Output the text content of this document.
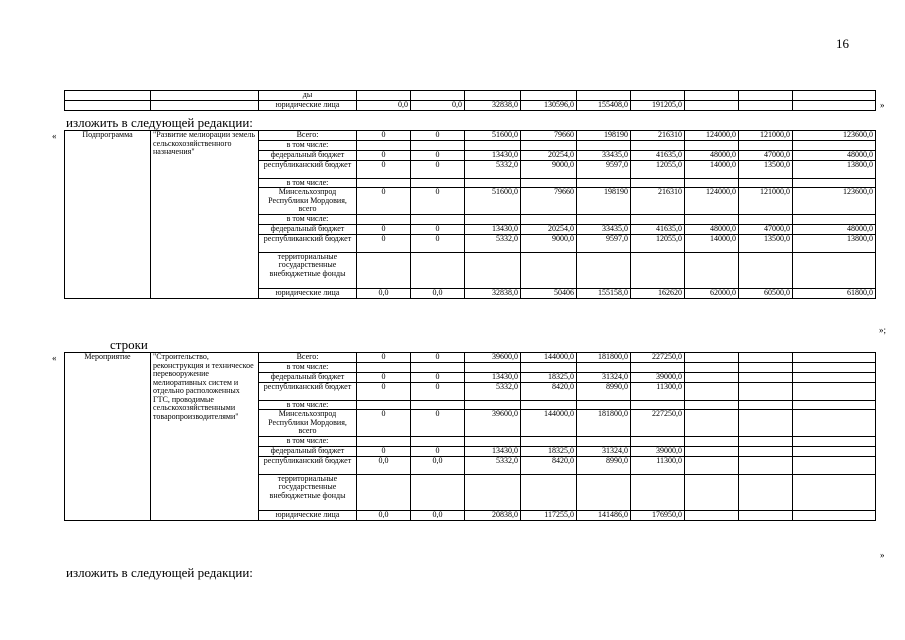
16
		ды									
		юридические лица	0,0	0,0	32838,0	130596,0	155408,0	191205,0				»
изложить в следующей редакции:
«	Подпрограмма	"Развитие мелиорации земель сельскохозяйственного назначения"	Всего:	0	0	51600,0	79660	198190	216310	124000,0	121000,0	123600,0
		в том числе:									
		федеральный бюджет	0	0	13430,0	20254,0	33435,0	41635,0	48000,0	47000,0	48000,0
		республиканский бюджет	0	0	5332,0	9000,0	9597,0	12055,0	14000,0	13500,0	13800,0
		в том числе:									
		Минсельхозпрод Республики Мордовия, всего	0	0	51600,0	79660	198190	216310	124000,0	121000,0	123600,0
		в том числе:									
		федеральный бюджет	0	0	13430,0	20254,0	33435,0	41635,0	48000,0	47000,0	48000,0
		республиканский бюджет	0	0	5332,0	9000,0	9597,0	12055,0	14000,0	13500,0	13800,0
		территориальные государственные внебюджетные фонды									
		юридические лица	0,0	0,0	32838,0	50406	155158,0	162620	62000,0	60500,0	61800,0
»;
строки
«	Мероприятие	"Строительство, реконструкция и техническое перевооружение мелиоративных систем и отдельно расположенных ГТС, проводимые сельскохозяйственными товаропроизводителями"	Всего:	0	0	39600,0	144000,0	181800,0	227250,0			
		в том числе:									
		федеральный бюджет	0	0	13430,0	18325,0	31324,0	39000,0			
		республиканский бюджет	0	0	5332,0	8420,0	8990,0	11300,0			
		в том числе:									
		Минсельхозпрод Республики Мордовия, всего	0	0	39600,0	144000,0	181800,0	227250,0			
		в том числе:									
		федеральный бюджет	0	0	13430,0	18325,0	31324,0	39000,0			
		республиканский бюджет	0,0	0,0	5332,0	8420,0	8990,0	11300,0			
		территориальные государственные внебюджетные фонды									
		юридические лица	0,0	0,0	20838,0	117255,0	141486,0	176950,0			
»
изложить в следующей редакции:
